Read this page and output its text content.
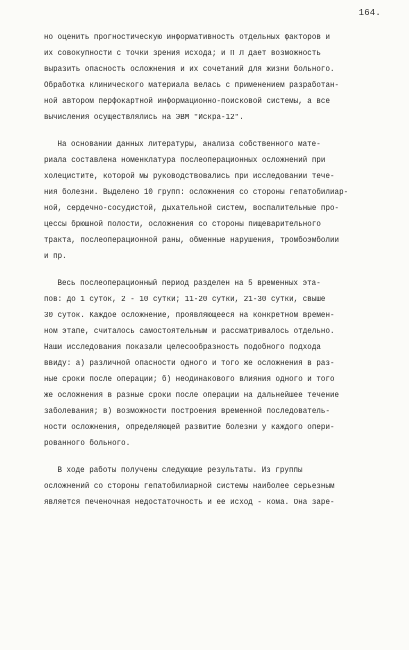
164.
но оценить прогностическую информативность отдельных факторов и
их совокупности с точки зрения исхода; и П Л дает возможность
выразить опасность осложнения и их сочетаний для жизни больного.
Обработка клинического материала велась с применением разработан-
ной автором перфокартной информационно-поисковой системы, а все
вычисления осуществлялись на ЭВМ "Искра-12".
На основании данных литературы, анализа собственного мате-
риала составлена номенклатура послеоперационных осложнений при
холецистите, которой мы руководствовались при исследовании тече-
ния болезни. Выделено 10 групп: осложнения со стороны гепатобилиар-
ной, сердечно-сосудистой, дыхательной систем, воспалительные про-
цессы брюшной полости, осложнения со стороны пищеварительного
тракта, послеоперационной раны, обменные нарушения, тромбоэмболии
и пр.
Весь послеоперационный период разделен на 5 временных эта-
пов: до 1 суток, 2 - 10 сутки; 11-20 сутки, 21-30 сутки, свыше
30 суток. Каждое осложнение, проявляющееся на конкретном времен-
ном этапе, считалось самостоятельным и рассматривалось отдельно.
Наши исследования показали целесообразность подобного подхода
ввиду: а) различной опасности одного и того же осложнения в раз-
ные сроки после операции; б) неодинакового влияния одного и того
же осложнения в разные сроки после операции на дальнейшее течение
заболевания; в) возможности построения временной последователь-
ности осложнения, определяющей развитие болезни у каждого опери-
рованного больного.
В ходе работы получены следующие результаты. Из группы
осложнений со стороны гепатобилиарной системы наиболее серьезным
является печеночная недостаточность и её исход - кома. Она заре-
